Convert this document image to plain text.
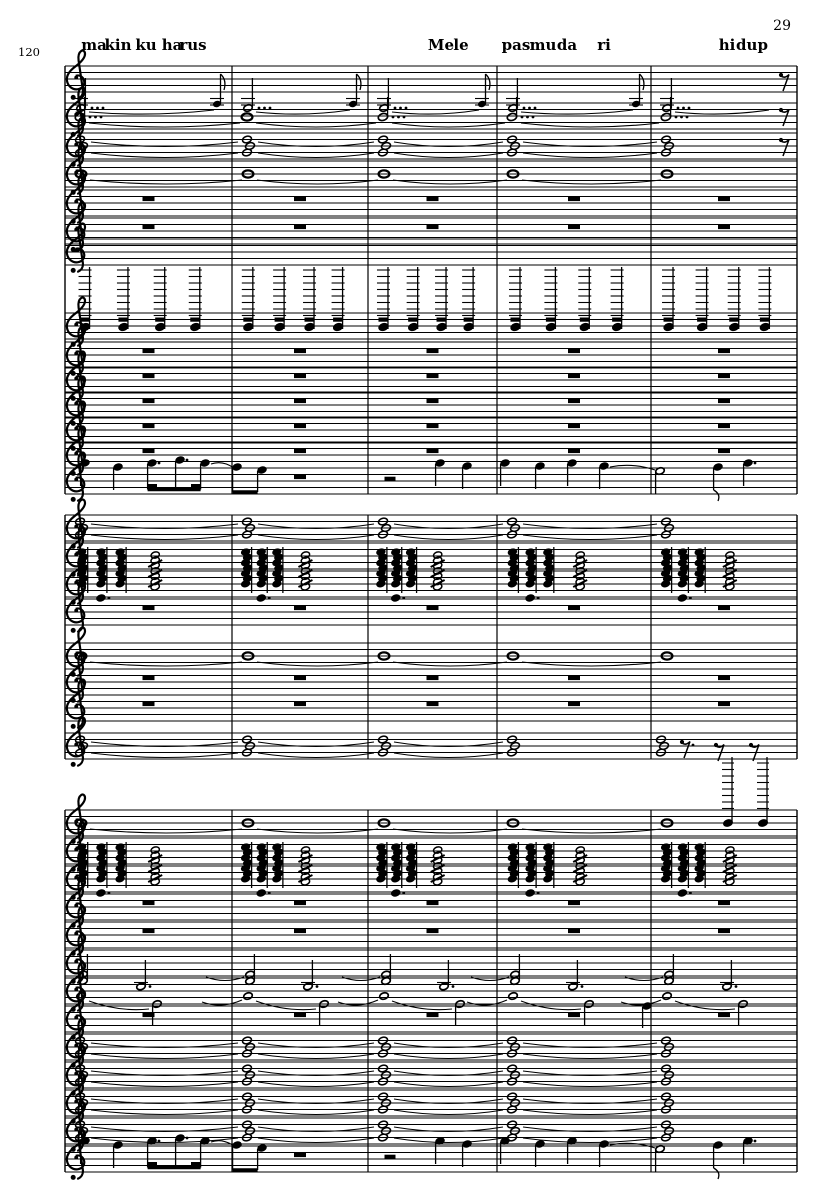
120
29
ma
kin ku ha
rus	Me le pas mu da ri	hi dup
